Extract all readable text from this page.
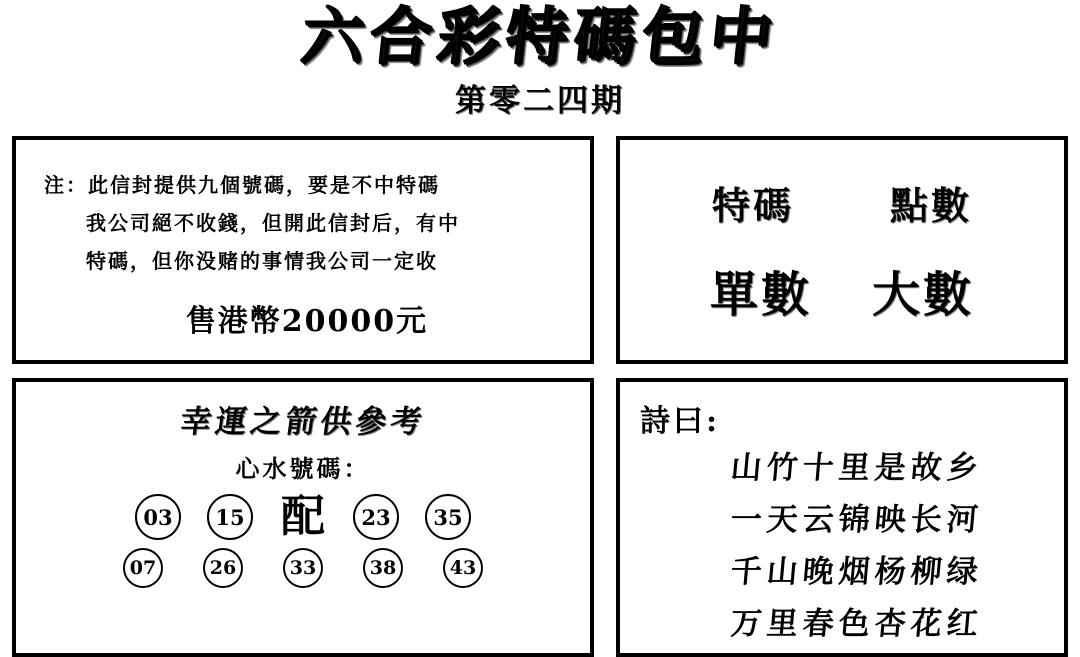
六合彩特碼包中
第零二四期
注：此信封提供九個號碼，要是不中特碼
我公司絕不收錢，但開此信封后，有中
特碼，但你没赌的事情我公司一定收
售港幣20000元
特碼	點數
單數 大數
幸運之箭供參考
心水號碼：
03	15 配	23	35
07	26	33	38	43
詩曰:
山竹十里是故乡
一天云锦映长河
千山晚烟杨柳绿
万里春色杏花红
